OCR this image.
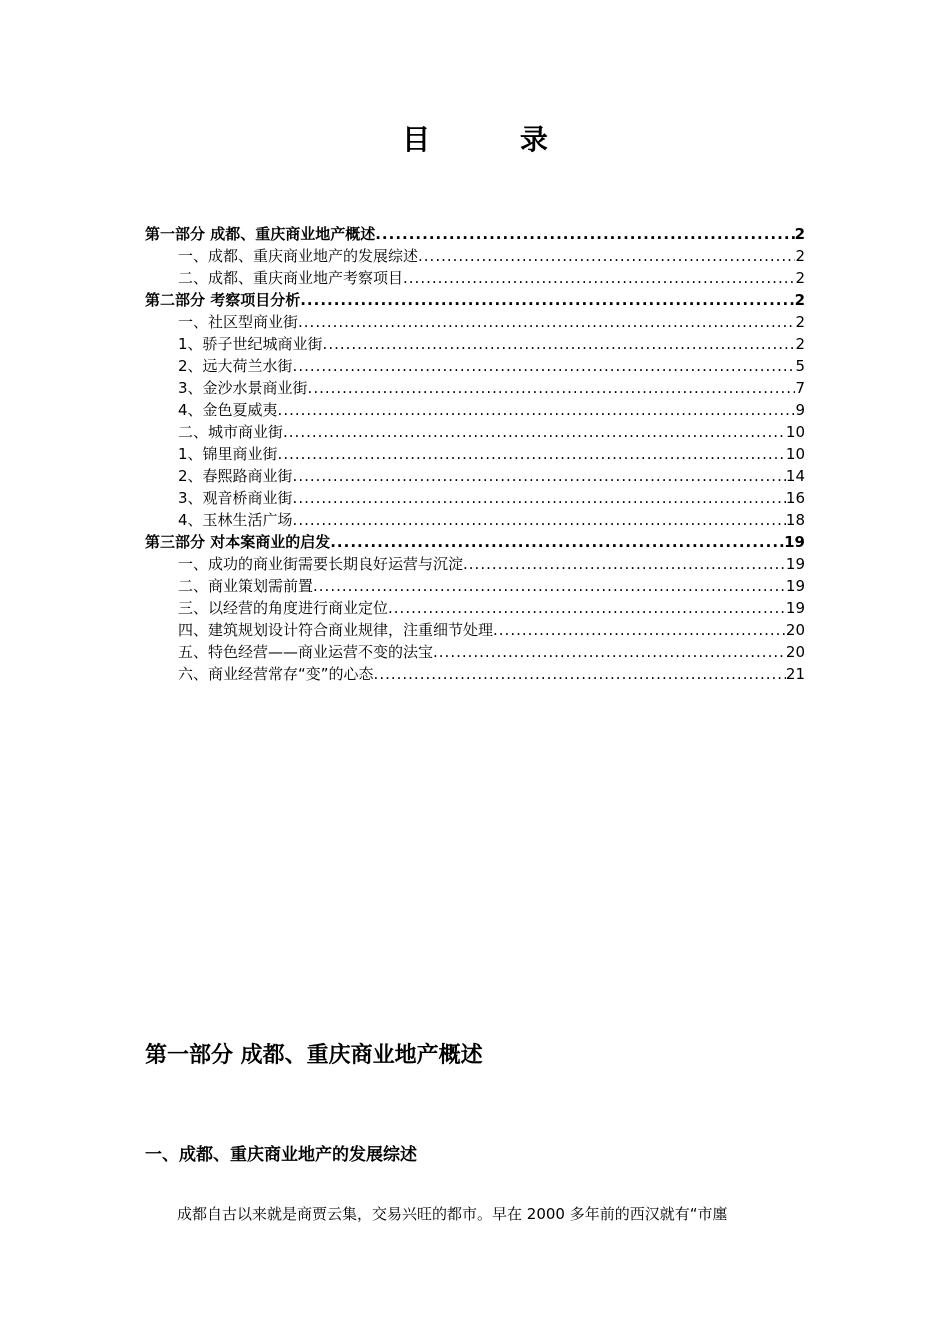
目 录
第一部分 成都、重庆商业地产概述 .....	2
一、成都、重庆商业地产的发展综述 .....	2
二、成都、重庆商业地产考察项目 .....	2
第二部分 考察项目分析 .....	2
一、社区型商业街 .....	2
1、骄子世纪城商业街 .....	2
2、远大荷兰水街 .....	5
3、金沙水景商业街 .....	7
4、金色夏威夷 .....	9
二、城市商业街 .....	10
1、锦里商业街 .....	10
2、春熙路商业街 .....	14
3、观音桥商业街 .....	16
4、玉林生活广场 .....	18
第三部分 对本案商业的启发 .....	19
一、成功的商业街需要长期良好运营与沉淀 .....	19
二、商业策划需前置 .....	19
三、以经营的角度进行商业定位 .....	19
四、建筑规划设计符合商业规律，注重细节处理 .....	20
五、特色经营——商业运营不变的法宝 .....	20
六、商业经营常存“变”的心态 .....	21
第一部分 成都、重庆商业地产概述
一、成都、重庆商业地产的发展综述
成都自古以来就是商贾云集，交易兴旺的都市。早在 2000 多年前的西汉就有“市廛
